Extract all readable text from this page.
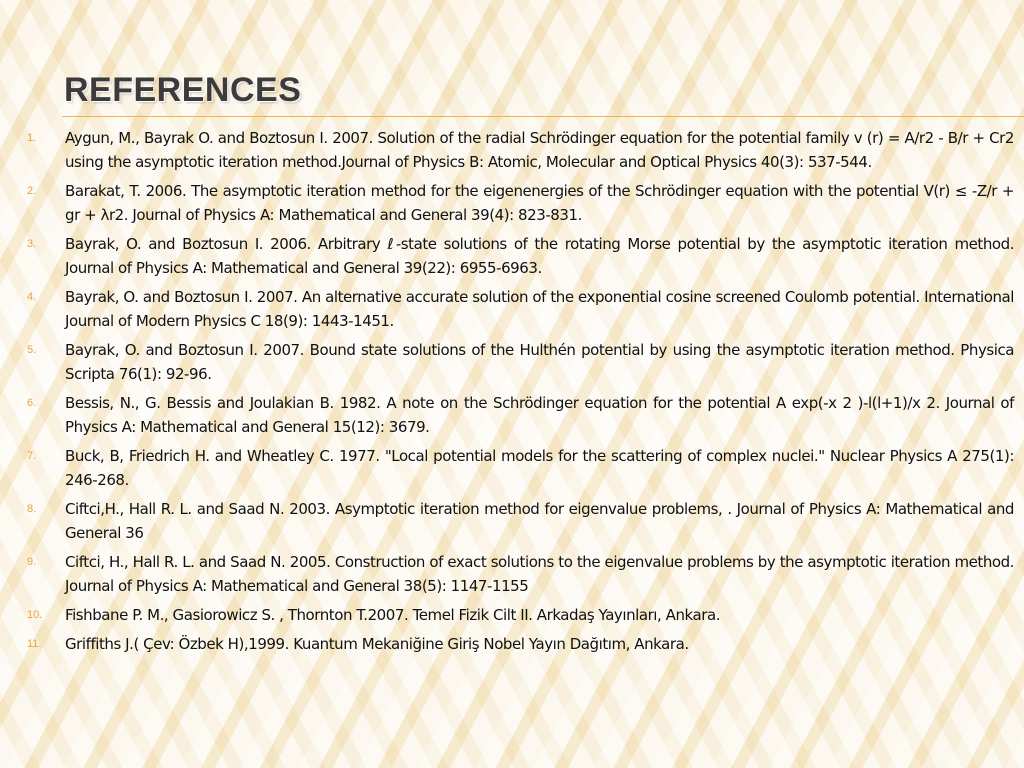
REFERENCES
1. Aygun, M., Bayrak O. and Boztosun I. 2007. Solution of the radial Schrödinger equation for the potential family v (r) = A/r2 - B/r + Cr2 using the asymptotic iteration method.Journal of Physics B: Atomic, Molecular and Optical Physics 40(3): 537-544.
2. Barakat, T. 2006. The asymptotic iteration method for the eigenenergies of the Schrödinger equation with the potential V(r) ≤ -Z/r + gr + λr2. Journal of Physics A: Mathematical and General 39(4): 823-831.
3. Bayrak, O. and Boztosun I. 2006. Arbitrary ℓ-state solutions of the rotating Morse potential by the asymptotic iteration method. Journal of Physics A: Mathematical and General 39(22): 6955-6963.
4. Bayrak, O. and Boztosun I. 2007. An alternative accurate solution of the exponential cosine screened Coulomb potential. International Journal of Modern Physics C 18(9): 1443-1451.
5. Bayrak, O. and Boztosun I. 2007. Bound state solutions of the Hulthén potential by using the asymptotic iteration method. Physica Scripta 76(1): 92-96.
6. Bessis, N., G. Bessis and Joulakian B. 1982. A note on the Schrödinger equation for the potential A exp(-x 2 )-l(l+1)/x 2. Journal of Physics A: Mathematical and General 15(12): 3679.
7. Buck, B, Friedrich H. and Wheatley C. 1977. "Local potential models for the scattering of complex nuclei." Nuclear Physics A 275(1): 246-268.
8. Ciftci,H., Hall R. L. and Saad N. 2003. Asymptotic iteration method for eigenvalue problems, . Journal of Physics A: Mathematical and General 36
9. Ciftci, H., Hall R. L. and Saad N. 2005. Construction of exact solutions to the eigenvalue problems by the asymptotic iteration method. Journal of Physics A: Mathematical and General 38(5): 1147-1155
10. Fishbane P. M., Gasiorowicz S. , Thornton T.2007. Temel Fizik Cilt II. Arkadaş Yayınları, Ankara.
11. Griffiths J.( Çev: Özbek H),1999. Kuantum Mekaniğine Giriş Nobel Yayın Dağıtım, Ankara.
